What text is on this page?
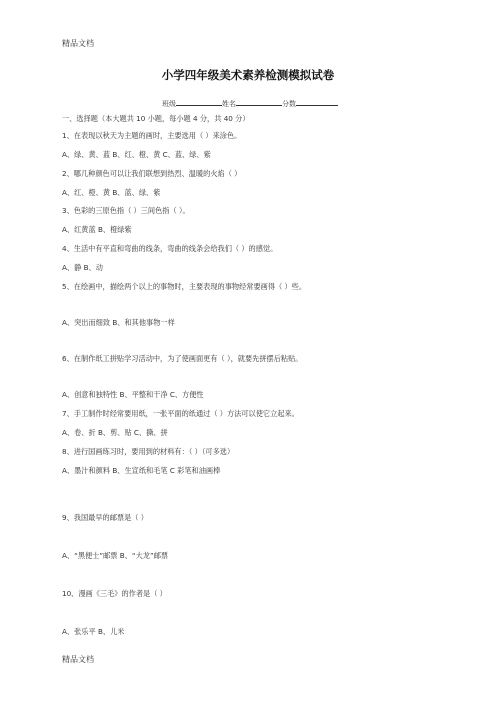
精品文档
小学四年级美术素养检测模拟试卷
班级	姓名	分数
一、选择题（本大题共 10 小题，每小题 4 分，共 40 分）
1、在表现以秋天为主题的画时，主要选用（ ）来涂色。
A、绿、黄、蓝 B、红、橙、黄 C、蓝、绿、紫
2、哪几种颜色可以让我们联想到热烈、温暖的火焰（ ）
A、红、橙、黄 B、蓝、绿、紫
3、色彩的三原色指（ ）三间色指（ ）。
A、红黄蓝 B、橙绿紫
4、生活中有平直和弯曲的线条，弯曲的线条会给我们（ ）的感觉。
A、静 B、动
5、在绘画中，描绘两个以上的事物时，主要表现的事物经常要画得（ ）些。
A、突出而细致 B、和其他事物一样
6、在制作纸工拼贴学习活动中，为了使画面更有（ ），就要先拼摆后粘贴。
A、创意和独特性 B、平整和干净 C、方便性
7、手工制作时经常要用纸，一张平面的纸通过（ ）方法可以使它立起来。
A、卷、折 B、剪、贴 C、撕、拼
8、进行国画练习时，要用到的材料有：（ ）（可多选）
A、墨汁和颜料 B、生宣纸和毛笔 C 彩笔和油画棒
9、我国最早的邮票是（ ）
A、“黑便士”邮票 B、“大龙”邮票
10、漫画《三毛》的作者是（ ）
A、张乐平 B、儿米
精品文档
